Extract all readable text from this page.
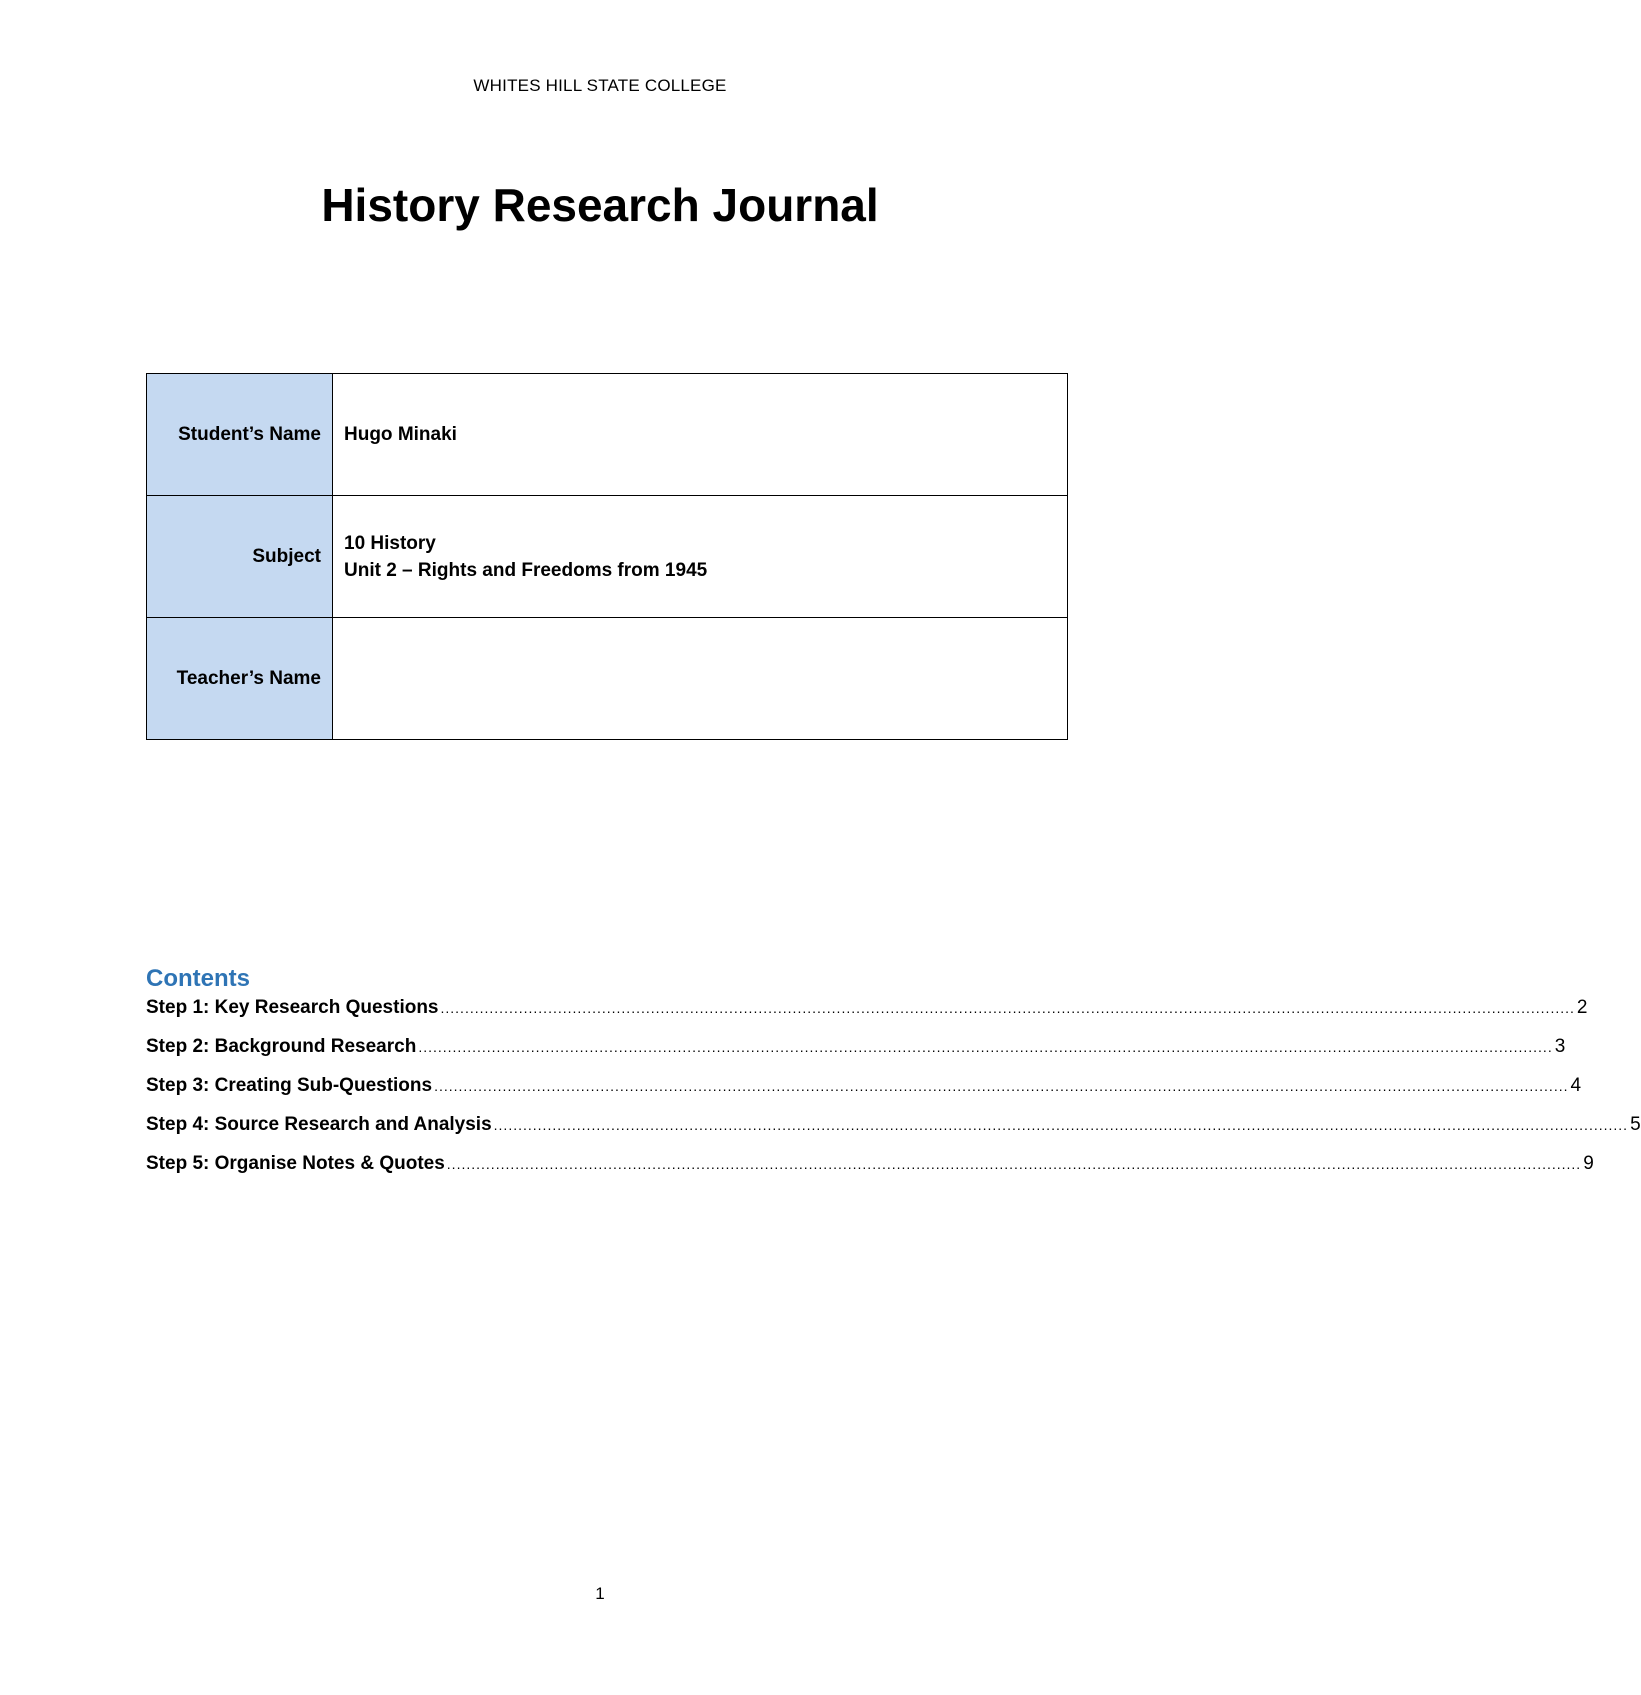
WHITES HILL STATE COLLEGE
History Research Journal
Student’s Name	Hugo Minaki
Subject	10 History
Unit 2 – Rights and Freedoms from 1945

Teacher’s Name	
Contents
Step 1: Key Research Questions ........................................................................................................................................................................................................................................ 2
Step 2: Background Research ........................................................................................................................................................................................................................................ 3
Step 3: Creating Sub-Questions ........................................................................................................................................................................................................................................ 4
Step 4: Source Research and Analysis ........................................................................................................................................................................................................................................ 5
Step 5: Organise Notes & Quotes ........................................................................................................................................................................................................................................ 9
1
